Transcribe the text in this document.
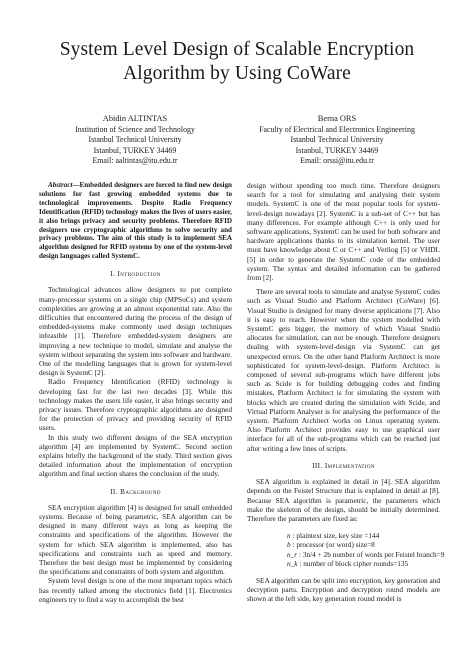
System Level Design of Scalable Encryption
Algorithm by Using CoWare
Abidin ALTINTAS
Institution of Science and Technology
Istanbul Technical University
Istanbul, TURKEY 34469
Email: aaltintas@itu.edu.tr
Berna ORS
Faculty of Electrical and Electronics Engineering
Istanbul Technical University
Istanbul, TURKEY 34469
Email: orssi@itu.edu.tr

Abstract—Embedded designers are forced to find new design solutions for fast growing embedded systems due to technological improvements. Despite Radio Frequency Identification (RFID) technology makes the lives of users easier, it also brings privacy and security problems. Therefore RFID designers use cryptographic algorithms to solve security and privacy problems. The aim of this study is to implement SEA algorithm designed for RFID systems by one of the system-level design languages called SystemC.

I. Introduction

Technological advances allow designers to put complete many-processor systems on a single chip (MPSoCs) and system complexities are growing at an almost exponential rate. Also the difficulties that encountered during the process of the design of embedded-systems make commonly used design techniques infeasible [1]. Therefore embedded-system designers are improving a new technique to model, simulate and analyse the system without separating the system into software and hardware. One of the modelling languages that is grown for system-level design is SystemC [2].

Radio Frequency Identification (RFID) technology is developing fast for the last two decades [3]. While this technology makes the users life easier, it also brings security and privacy issues. Therefore cryptographic algorithms are designed for the protection of privacy and providing security of RFID users.

In this study two different designs of the SEA encryption algorithm [4] are implemented by SystemC. Second section explains briefly the background of the study. Third section gives detailed information about the implementation of encryption algorithm and final section shares the conclusion of the study.

II. Background

SEA encryption algorithm [4] is designed for small embedded systems. Because of being parametric, SEA algorithm can be designed in many different ways as long as keeping the constraints and specifications of the algorithm. However the system for which SEA algorithm is implemented, also has specifications and constraints such as speed and memory. Therefore the best design must be implemented by considering the specifications and constraints of both system and algorithm.

System level design is one of the most important topics which has recently talked among the electronics field [1]. Electronics engineers try to find a way to accomplish the best

design without spending too much time. Therefore designers search for a tool for simulating and analysing their system models. SystemC is one of the most popular tools for system-level-design nowadays [2]. SystemC is a sub-set of C++ but has many differences. For example although C++ is only used for software applications, SystemC can be used for both software and hardware applications thanks to its simulation kernel. The user must have knowledge about C or C++ and Verilog [5] or VHDL [5] in order to generate the SystemC code of the embedded system. The syntax and detailed information can be gathered from [2].

There are several tools to simulate and analyse SystemC codes such as Visual Studio and Platform Architect (CoWare) [6]. Visual Studio is designed for many diverse applications [7]. Also it is easy to reach. However when the system modelled with SystemC gets bigger, the memory of which Visual Studio allocates for simulation, can not be enough. Therefore designers dealing with system-level-design via SystemC can get unexpected errors. On the other hand Platform Architect is more sophisticated for system-level-design. Platform Architect is composed of several sub-programs which have different jobs such as Scide is for building debugging codes and finding mistakes, Platform Architect is for simulating the system with blocks which are created during the simulation with Scide, and Virtual Platform Analyser is for analysing the performance of the system. Platform Architect works on Linux operating system. Also Platform Architect provides easy to use graphical user interface for all of the sub-programs which can be reached just after writing a few lines of scripts.

III. Implementation

SEA algorithm is explained in detail in [4]. SEA algorithm depends on the Feistel Structure that is explained in detail at [8]. Because SEA algorithm is parametric, the parameters which make the skeleton of the design, should be initially determined. Therefore the parameters are fixed as:

n : plaintext size, key size =144
b : processor (or word) size=8
n_r : 3n/4 + 2b number of words per Feistel branch=9
n_k : number of block cipher rounds=135

SEA algorithm can be split into encryption, key generation and decryption parts. Encryption and decryption round models are shown at the left side, key generation round model is
